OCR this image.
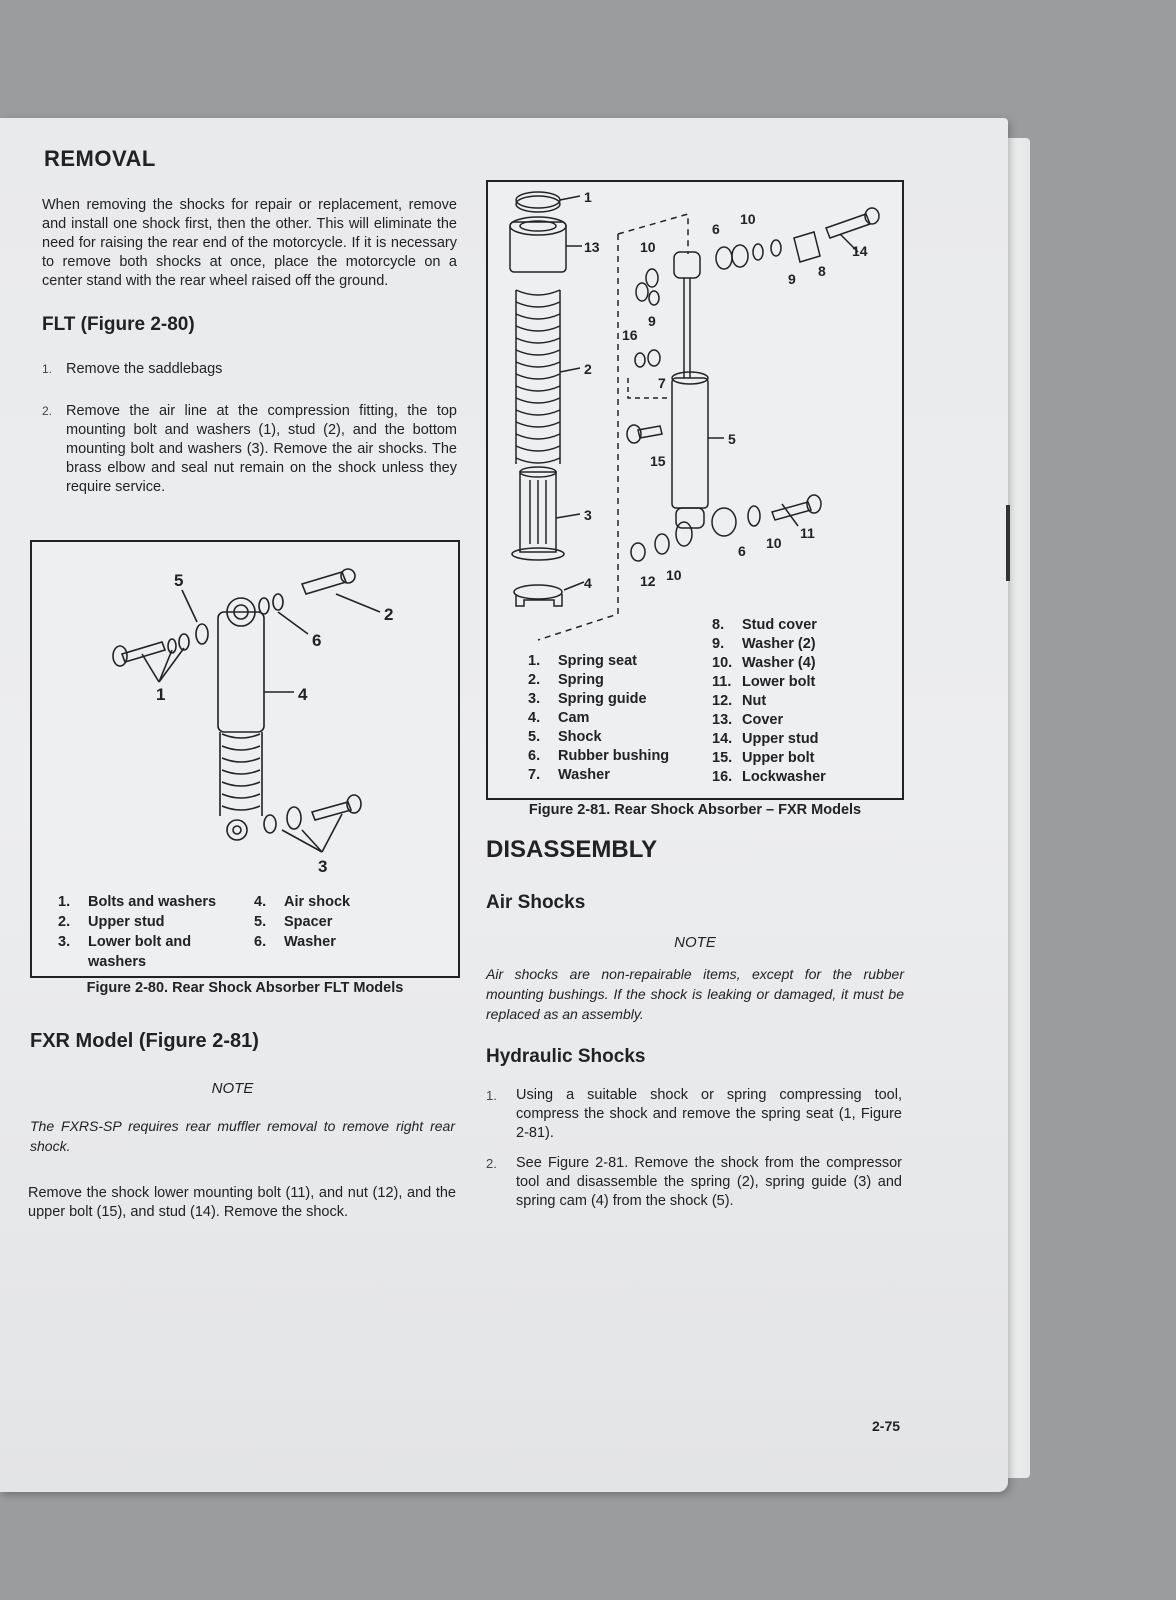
REMOVAL
When removing the shocks for repair or replacement, remove and install one shock first, then the other. This will eliminate the need for raising the rear end of the motorcycle. If it is necessary to remove both shocks at once, place the motorcycle on a center stand with the rear wheel raised off the ground.
FLT (Figure 2-80)
1. Remove the saddlebags
2. Remove the air line at the compression fitting, the top mounting bolt and washers (1), stud (2), and the bottom mounting bolt and washers (3). Remove the air shocks. The brass elbow and seal nut remain on the shock unless they require service.
5
2
6
4
1
3
1. Bolts and washers
2. Upper stud
3. Lower bolt and
washers
4. Air shock
5. Spacer
6. Washer
Figure 2-80. Rear Shock Absorber FLT Models
FXR Model (Figure 2-81)
NOTE
The FXRS-SP requires rear muffler removal to remove right rear shock.
Remove the shock lower mounting bolt (11), and nut (12), and the upper bolt (15), and stud (14). Remove the shock.
1
13	10
6
10
14
9 8
9
16
7
2
5
15
3
11
10
6
12 10
4
1. Spring seat
2. Spring
3. Spring guide
4. Cam
5. Shock
6. Rubber bushing
7. Washer
8. Stud cover
9. Washer (2)
10. Washer (4)
11. Lower bolt
12. Nut
13. Cover
14. Upper stud
15. Upper bolt
16. Lockwasher
Figure 2-81. Rear Shock Absorber – FXR Models
DISASSEMBLY
Air Shocks
NOTE
Air shocks are non-repairable items, except for the rubber mounting bushings. If the shock is leaking or damaged, it must be replaced as an assembly.
Hydraulic Shocks
1. Using a suitable shock or spring compressing tool, compress the shock and remove the spring seat (1, Figure 2-81).
2. See Figure 2-81. Remove the shock from the compressor tool and disassemble the spring (2), spring guide (3) and spring cam (4) from the shock (5).
2-75
